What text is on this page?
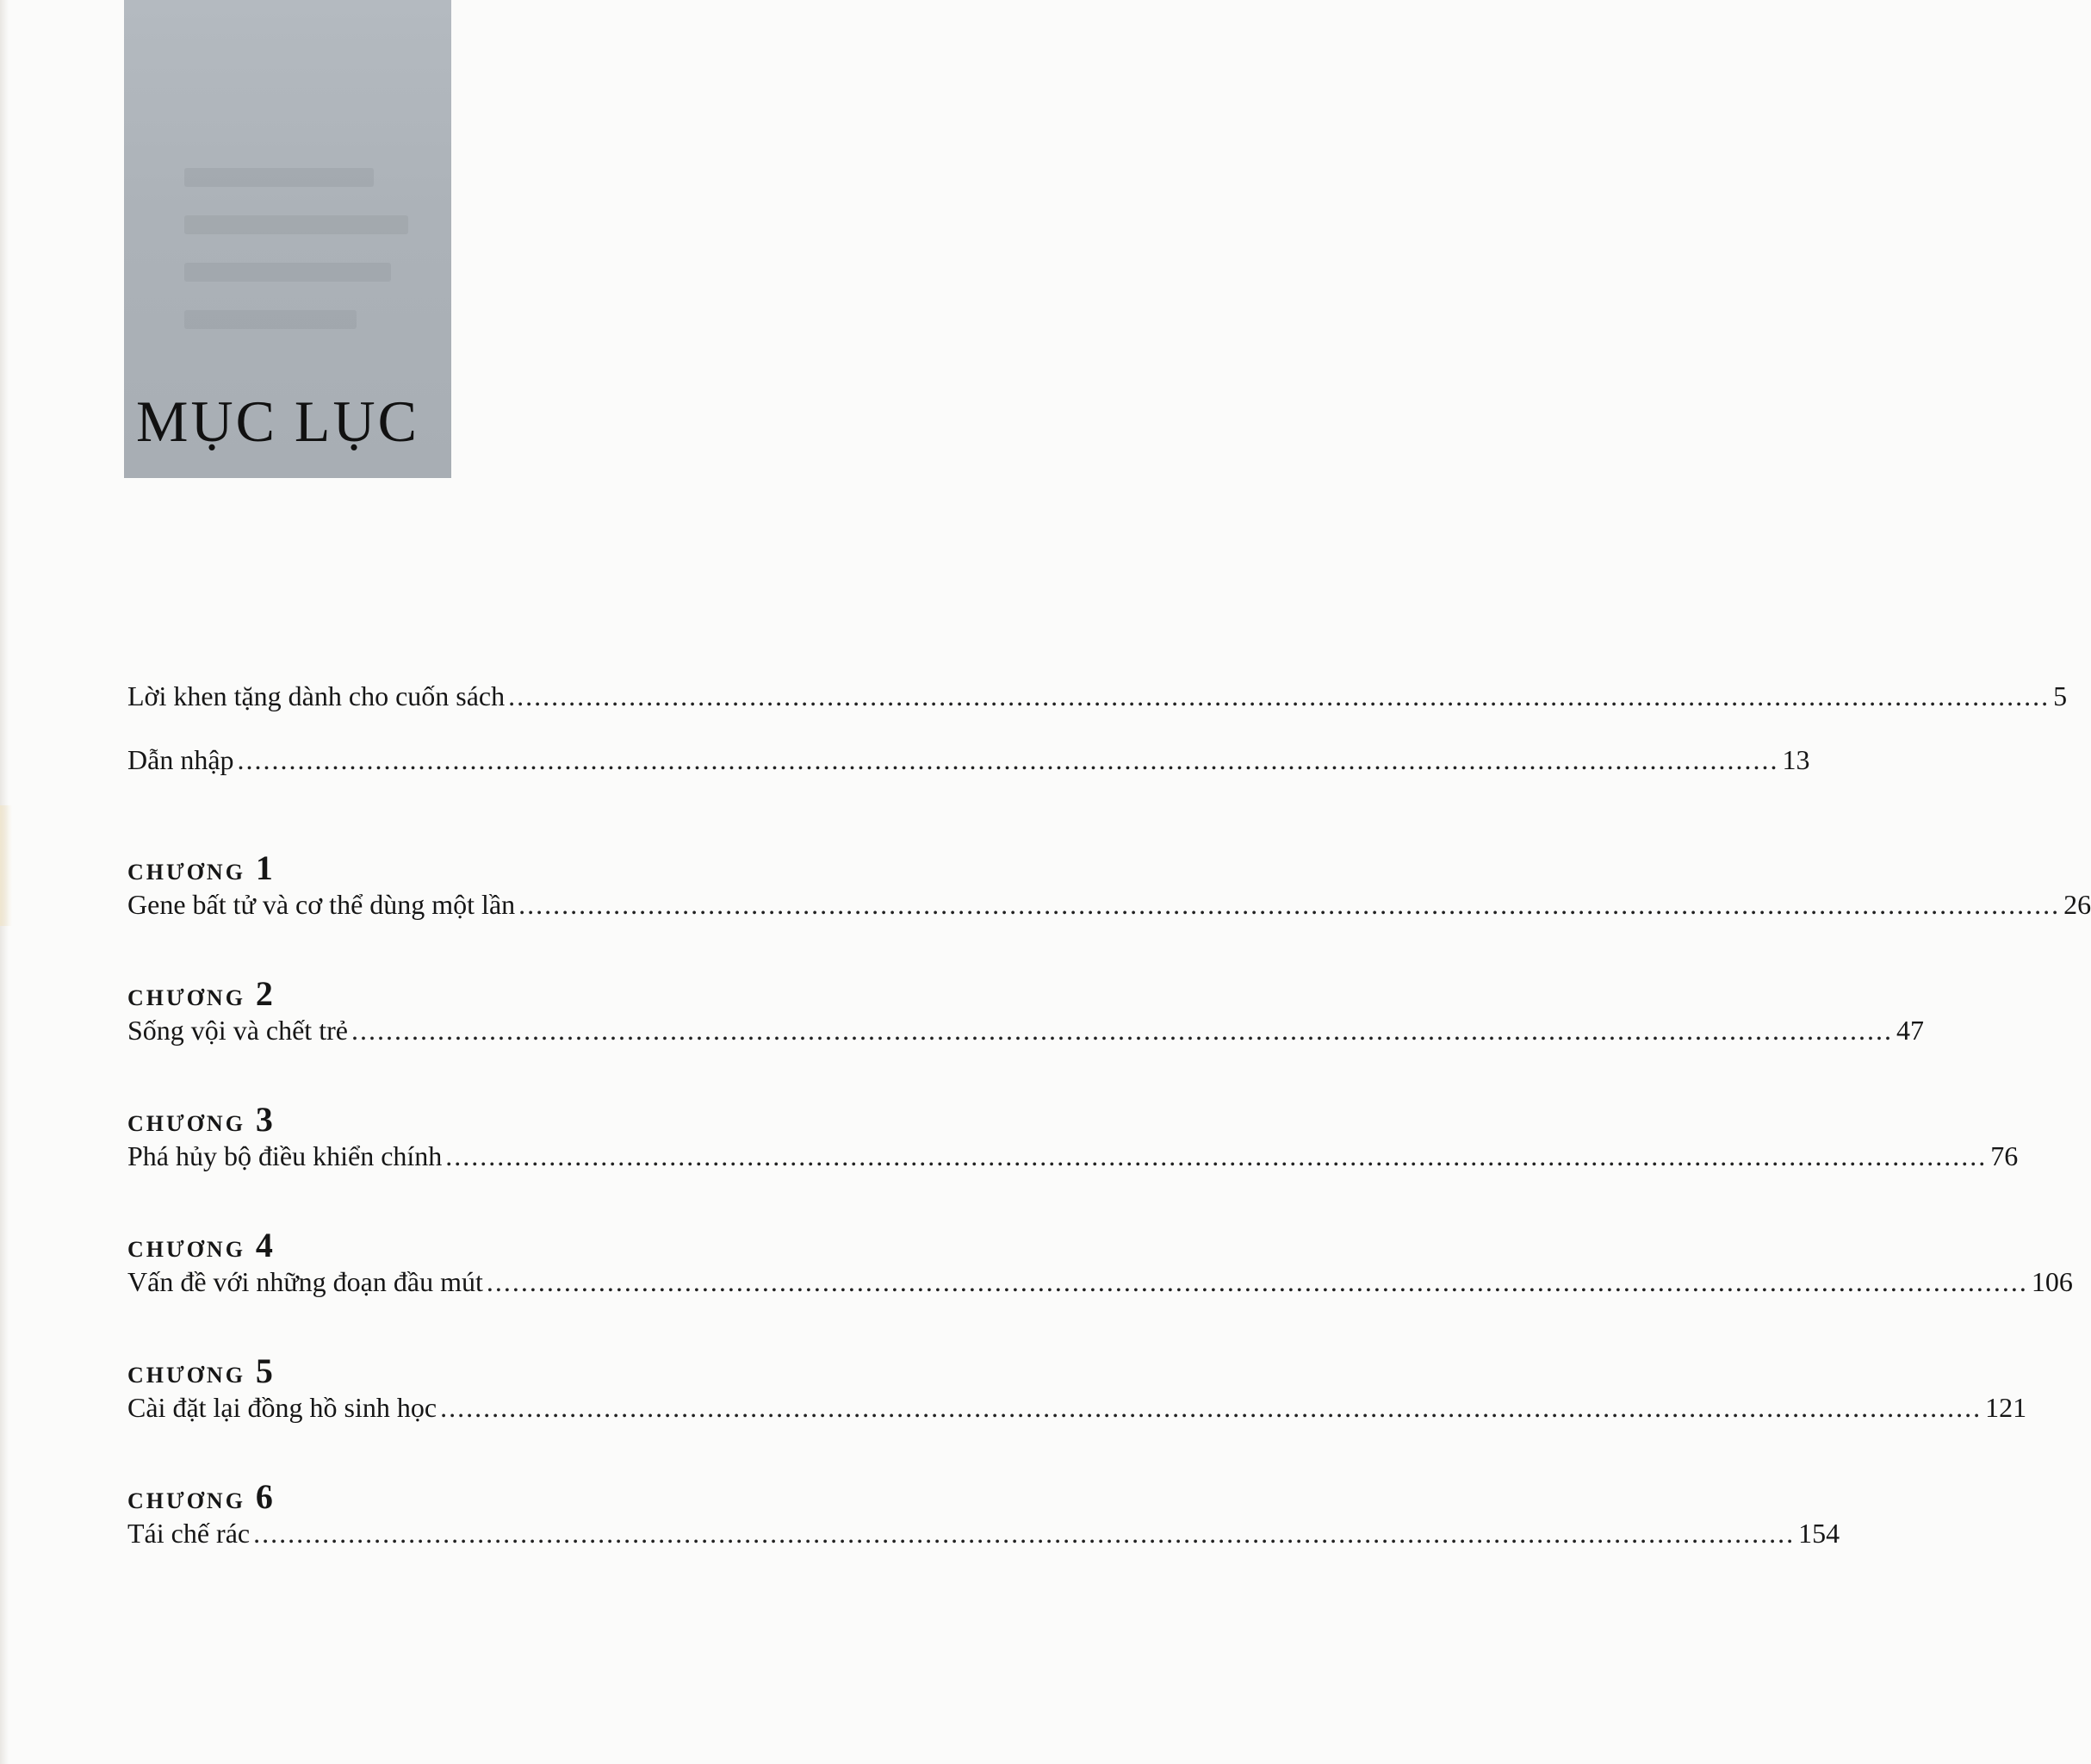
MỤC LỤC
Lời khen tặng dành cho cuốn sách ................................................................................................................................................................................... 5
Dẫn nhập ................................................................................................................................................................................... 13
CHƯƠNG 1
Gene bất tử và cơ thể dùng một lần ................................................................................................................................................................................... 26
CHƯƠNG 2
Sống vội và chết trẻ ................................................................................................................................................................................... 47
CHƯƠNG 3
Phá hủy bộ điều khiển chính ................................................................................................................................................................................... 76
CHƯƠNG 4
Vấn đề với những đoạn đầu mút ................................................................................................................................................................................... 106
CHƯƠNG 5
Cài đặt lại đồng hồ sinh học ................................................................................................................................................................................... 121
CHƯƠNG 6
Tái chế rác ................................................................................................................................................................................... 154
